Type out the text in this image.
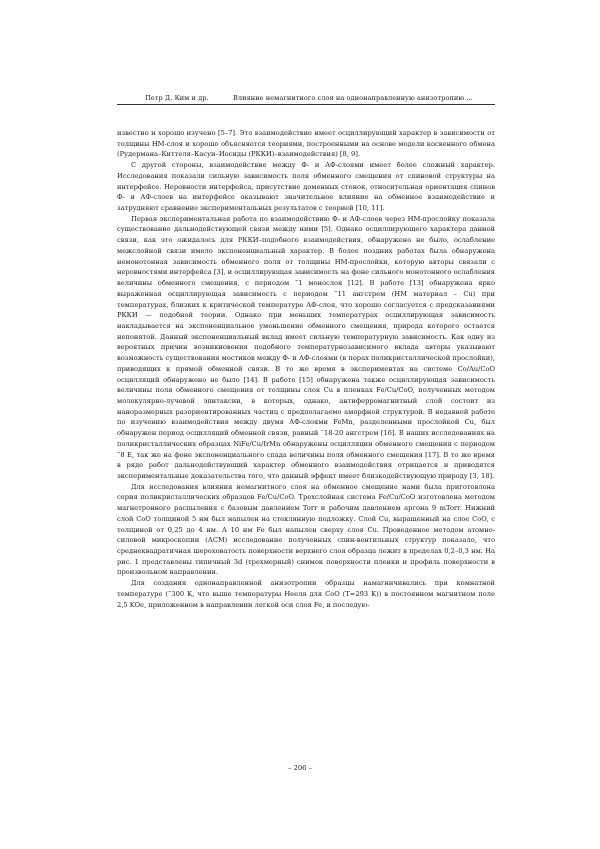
Петр Д. Ким и др.	Влияние немагнитного слоя на однонаправленную анизотропию ...

известно и хорошо изучено [5–7]. Это взаимодействие имеет осциллирующий характер в зависимости от толщины НМ-слоя и хорошо объясняется теориями, построенными на основе модели косвенного обмена (Рудермана–Киттеля–Касуи–Иосиды (РККИ)–взаимодействия) [8, 9].

С другой стороны, взаимодействие между Ф- и АФ-слоями имеет более сложный характер. Исследования показали сильную зависимость поля обменного смещения от спиновой структуры на интерфейсе. Неровности интерфейса, присутствие доменных стенок, относительная ориентация спинов Ф- и АФ-слоев на интерфейсе оказывают значительное влияние на обменное взаимодействие и затрудняют сравнение экспериментальных результатов с теорией [10, 11].

Первая экспериментальная работа по взаимодействию Ф- и АФ-слоев через НМ-прослойку показала существование дальнодействующей связи между ними [5]. Однако осциллирующего характера данной связи, как это ожидалось для РККИ–подобного взаимодействия, обнаружено не было, ослабление межслойной связи имело экспоненциальный характер. В более поздних работах была обнаружена немонотонная зависимость обменного поля от толщины НМ-прослойки, которую авторы связали с неровностями интерфейса [3], и осциллирующая зависимость на фоне сильного монотонного ослабления величины обменного смещения, с периодом ˜1 монослоя [12]. В работе [13] обнаружена ярко выраженная осциллирующая зависимость с периодом ˜11 ангстрем (НМ материал – Cu) при температурах, близких к критической температуре АФ-слоя, что хорошо согласуется с предсказаниями РККИ — подобной теории. Однако при меньших температурах осциллирующая зависимость накладывается на экспоненциальное уменьшение обменного смещения, природа которого остается непонятой. Данный экспоненциальный вклад имеет сильную температурную зависимость. Как одну из вероятных причин возникновения подобного температурнозависимого вклада авторы указывают возможность существования мостиков между Ф- и АФ-слоями (в порах поликристаллической прослойки), приводящих к прямой обменной связи. В то же время в экспериментах на системе Co/Au/CoO осцилляций обнаружено не было [14]. В работе [15] обнаружена также осциллирующая зависимость величины поля обменного смещения от толщины слоя Cu в пленках Fe/Cu/CoO, полученных методом молекулярно-лучевой эпитаксии, в которых, однако, антиферромагнитный слой состоит из наноразмерных разориентированных частиц с предполагаемо аморфной структурой. В недавней работе по изучению взаимодействия между двумя АФ-слоями FeMn, разделенными прослойкой Cu, был обнаружен период осцилляций обменной связи, равный ˜18-20 ангстрем [16]. В наших исследованиях на поликристаллических образцах NiFe/Cu/IrMn обнаружены осцилляции обменного смещения с периодом ˜8 E, так же на фоне экспоненциального спада величины поля обменного смещения [17]. В то же время в ряде работ дальнодействующий характер обменного взаимодействия отрицается и приводятся экспериментальные доказательства того, что данный эффект имеет близкодействующую природу [3, 18].

Для исследования влияния немагнитного слоя на обменное смещение нами была приготовлена серия поликристаллических образцов Fe/Cu/CoO. Трехслойная система Fe/Cu/CoO изготовлена методом магнетронного распыления с базовым давлением Torr и рабочим давлением аргона 9 mTorr. Нижний слой CoO толщиной 5 нм был напылен на стеклянную подложку. Слой Cu, выращенный на слое CoO, с толщиной от 0,25 до 4 нм. А 10 нм Fe был напылен сверху слоя Cu. Проведенное методом атомно-силовой микроскопии (АСМ) исследование полученных спин-вентильных структур показало, что среднеквадратичная шероховатость поверхности верхнего слоя образца лежит в пределах 0,2–0,3 нм. На рис. 1 представлены типичный 3d (трехмерный) снимок поверхности пленки и профиль поверхности в произвольном направлении.

Для создания однонаправленной анизотропии образцы намагничивались при комнатной температуре (˜300 K, что выше температуры Нееля для CoO (T=293 K)) в постоянном магнитном поле 2,5 KOe, приложенном в направлении легкой оси слоя Fe, и последую-

– 206 –
